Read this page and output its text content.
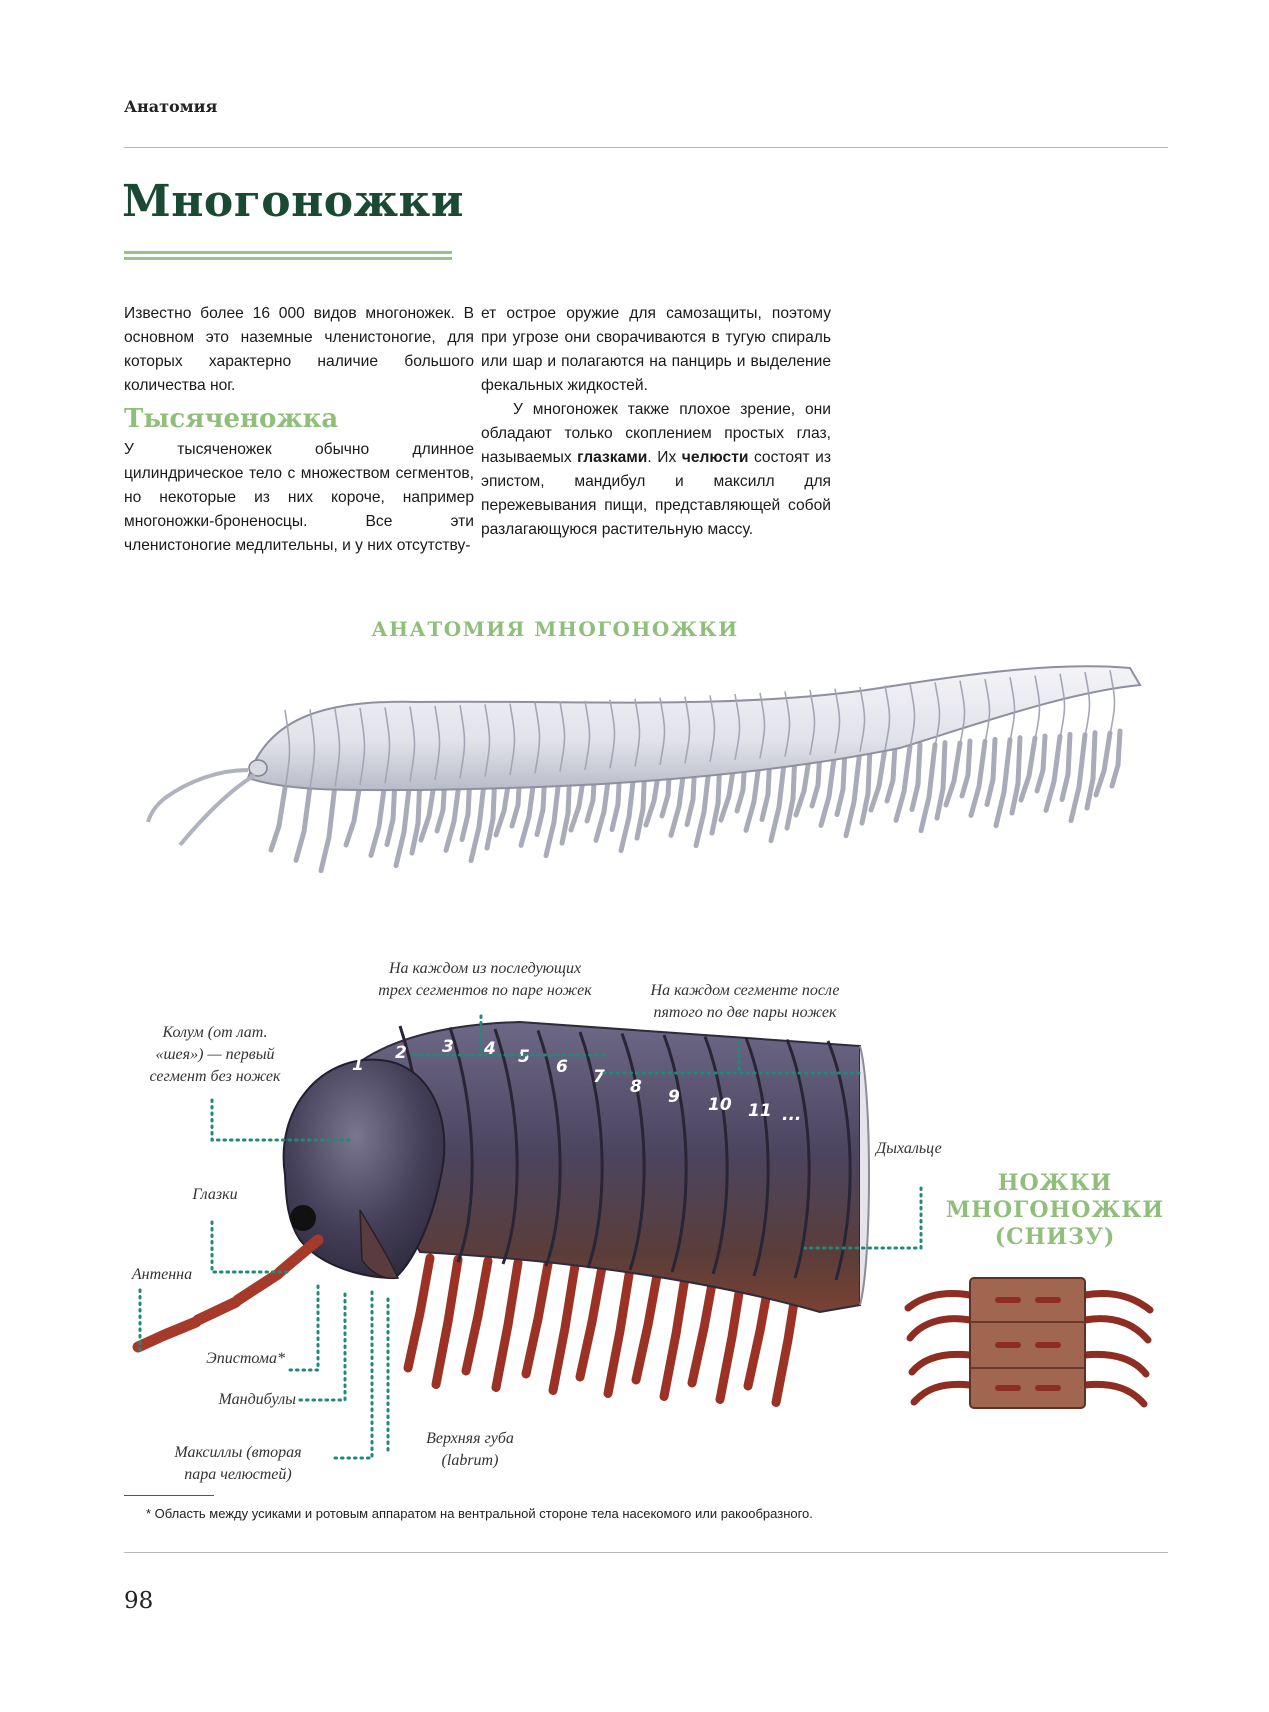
Анатомия
Многоножки

Известно более 16 000 видов многоножек. В основном это наземные членистоногие, для которых характерно наличие большого количества ног.

Тысяченожка

У тысяченожек обычно длинное цилиндрическое тело с множеством сегментов, но некоторые из них короче, например многоножки-броненосцы. Все эти членистоногие медлительны, и у них отсутству-

ет острое оружие для самозащиты, поэтому при угрозе они сворачиваются в тугую спираль или шар и полагаются на панцирь и выделение фекальных жидкостей.

У многоножек также плохое зрение, они обладают только скоплением простых глаз, называемых глазками. Их челюсти состоят из эпистом, мандибул и максилл для пережевывания пищи, представляющей собой разлагающуюся растительную массу.

АНАТОМИЯ МНОГОНОЖКИ
1
2 3 4 5 6 7 8 9 10 11 ...
На каждом из последующих
трех сегментов по паре ножек	На каждом сегменте после
пятого по две пары ножек
Колум (от лат.
«шея») — первый
сегмент без ножек
Дыхальце
Глазки
Антенна
Эпистома*
Мандибулы
Максиллы (вторая
пара челюстей)
Верхняя губа
(labrum)
НОЖКИ
МНОГОНОЖКИ
(СНИЗУ)
* Область между усиками и ротовым аппаратом на вентральной стороне тела насекомого или ракообразного.
98
